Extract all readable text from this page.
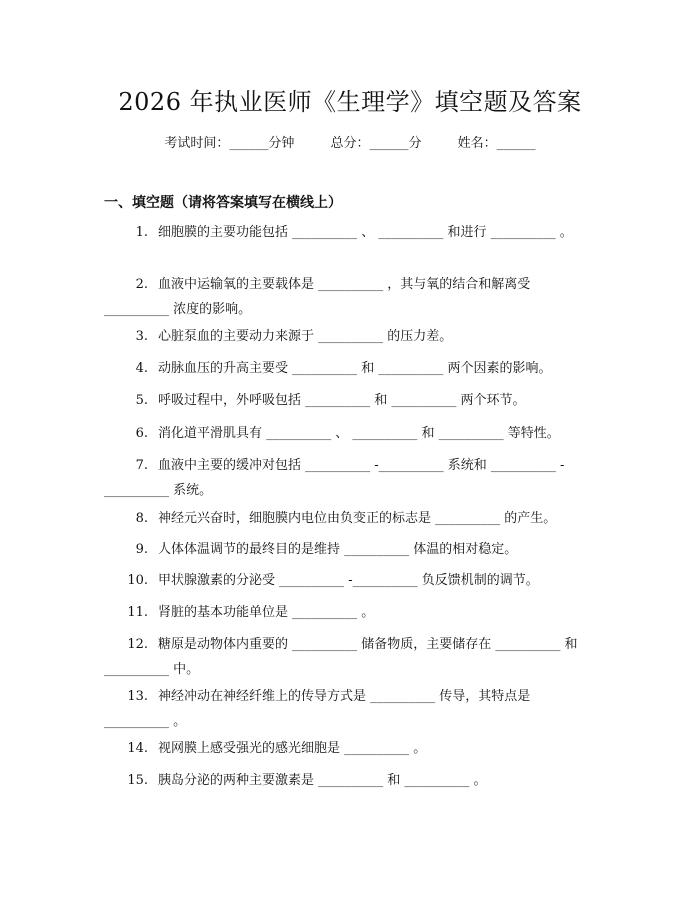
2026 年执业医师《生理学》填空题及答案
考试时间：______分钟	总分：______分	姓名：______
一、填空题（请将答案填写在横线上）
1. 细胞膜的主要功能包括 __________ 、 __________ 和进行 __________ 。
2. 血液中运输氧的主要载体是 __________ ，其与氧的结合和解离受 __________ 浓度的影响。
3. 心脏泵血的主要动力来源于 __________ 的压力差。
4. 动脉血压的升高主要受 __________ 和 __________ 两个因素的影响。
5. 呼吸过程中，外呼吸包括 __________ 和 __________ 两个环节。
6. 消化道平滑肌具有 __________ 、 __________ 和 __________ 等特性。
7. 血液中主要的缓冲对包括 __________ -__________ 系统和 __________ -__________ 系统。
8. 神经元兴奋时，细胞膜内电位由负变正的标志是 __________ 的产生。
9. 人体体温调节的最终目的是维持 __________ 体温的相对稳定。
10. 甲状腺激素的分泌受 __________ -__________ 负反馈机制的调节。
11. 肾脏的基本功能单位是 __________ 。
12. 糖原是动物体内重要的 __________ 储备物质，主要储存在 __________ 和 __________ 中。
13. 神经冲动在神经纤维上的传导方式是 __________ 传导，其特点是 __________ 。
14. 视网膜上感受强光的感光细胞是 __________ 。
15. 胰岛分泌的两种主要激素是 __________ 和 __________ 。
